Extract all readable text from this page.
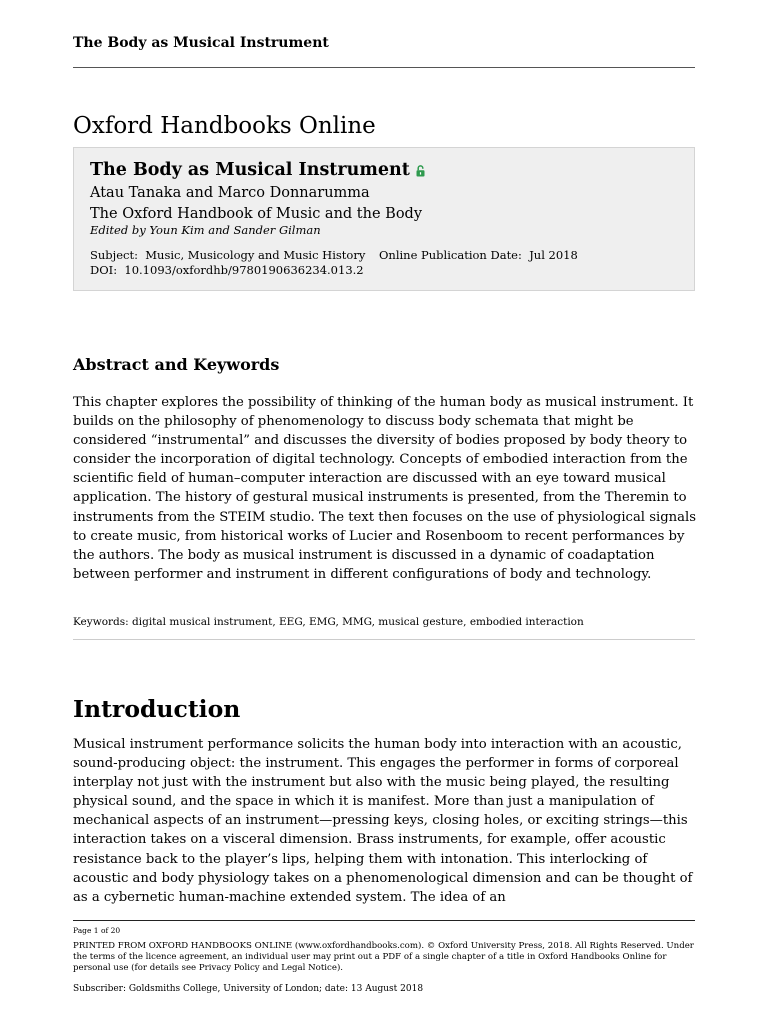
The Body as Musical Instrument
Oxford Handbooks Online
The Body as Musical Instrument
Atau Tanaka and Marco Donnarumma
The Oxford Handbook of Music and the Body
Edited by Youn Kim and Sander Gilman
Subject: Music, Musicology and Music History Online Publication Date: Jul 2018
DOI: 10.1093/oxfordhb/9780190636234.013.2
Abstract and Keywords

This chapter explores the possibility of thinking of the human body as musical instrument. It builds on the philosophy of phenomenology to discuss body schemata that might be considered “instrumental” and discusses the diversity of bodies proposed by body theory to consider the incorporation of digital technology. Concepts of embodied interaction from the scientific field of human–computer interaction are discussed with an eye toward musical application. The history of gestural musical instruments is presented, from the Theremin to instruments from the STEIM studio. The text then focuses on the use of physiological signals to create music, from historical works of Lucier and Rosenboom to recent performances by the authors. The body as musical instrument is discussed in a dynamic of coadaptation between performer and instrument in different configurations of body and technology.

Keywords: digital musical instrument, EEG, EMG, MMG, musical gesture, embodied interaction
Introduction

Musical instrument performance solicits the human body into interaction with an acoustic, sound-producing object: the instrument. This engages the performer in forms of corporeal interplay not just with the instrument but also with the music being played, the resulting physical sound, and the space in which it is manifest. More than just a manipulation of mechanical aspects of an instrument—pressing keys, closing holes, or exciting strings—this interaction takes on a visceral dimension. Brass instruments, for example, offer acoustic resistance back to the player’s lips, helping them with intonation. This interlocking of acoustic and body physiology takes on a phenomenological dimension and can be thought of as a cybernetic human-machine extended system. The idea of an

Page 1 of 20

PRINTED FROM OXFORD HANDBOOKS ONLINE (www.oxfordhandbooks.com). © Oxford University Press, 2018. All Rights Reserved. Under the terms of the licence agreement, an individual user may print out a PDF of a single chapter of a title in Oxford Handbooks Online for personal use (for details see Privacy Policy and Legal Notice).

Subscriber: Goldsmiths College, University of London; date: 13 August 2018
